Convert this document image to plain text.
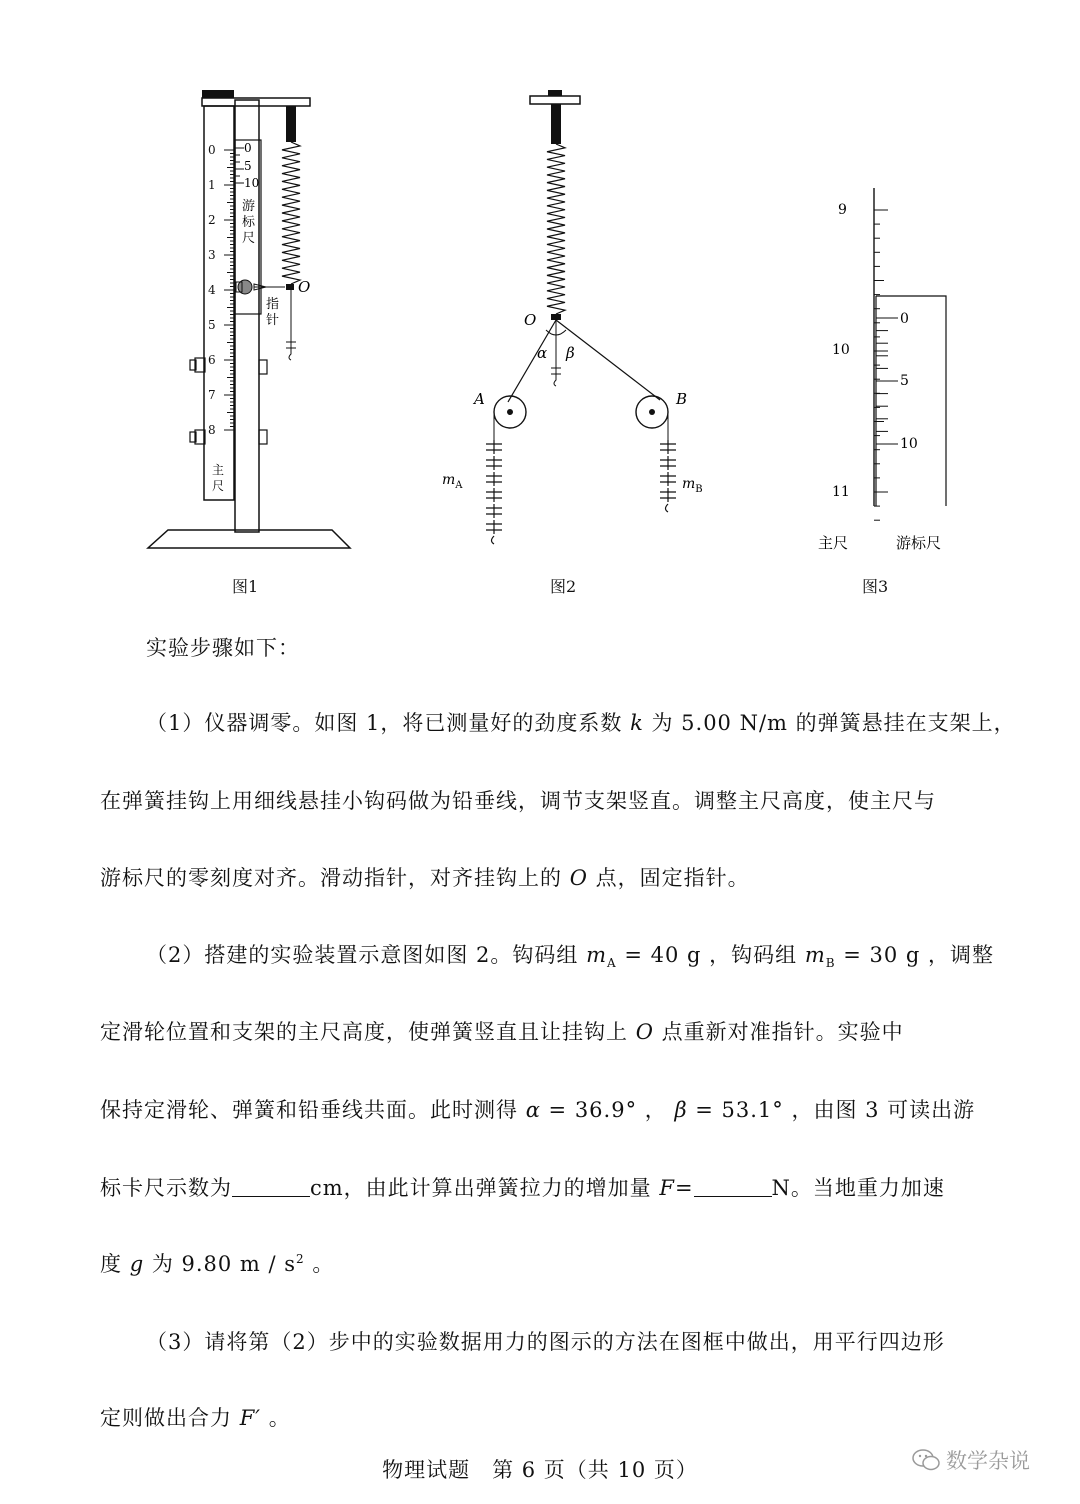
0
1
2
3
4
5
6
7
8
0
5
10
游
标
尺
指
针
主
尺
O
图1
O
α β
A	B
$m_A$	$m_B$
图2
9
10
11
0
5
10
主尺	游标尺
图3
实验步骤如下：
（1）仪器调零。如图 1，将已测量好的劲度系数 k 为 5.00 N/m 的弹簧悬挂在支架上，
在弹簧挂钩上用细线悬挂小钩码做为铅垂线，调节支架竖直。调整主尺高度，使主尺与
游标尺的零刻度对齐。滑动指针，对齐挂钩上的 O 点，固定指针。
（2）搭建的实验装置示意图如图 2。钩码组 $m_A = 40$ g ，钩码组 $m_B = 30$ g ，调整
定滑轮位置和支架的主尺高度，使弹簧竖直且让挂钩上 O 点重新对准指针。实验中
保持定滑轮、弹簧和铅垂线共面。此时测得 α = 36.9° ， β = 53.1° ，由图 3 可读出游
标卡尺示数为	cm，由此计算出弹簧拉力的增加量 F=	N。当地重力加速
度 g 为 9.80 m / $s^2$ 。
（3）请将第（2）步中的实验数据用力的图示的方法在图框中做出，用平行四边形
定则做出合力 F′ 。
物理试题　第 6 页（共 10 页）	数学杂说
